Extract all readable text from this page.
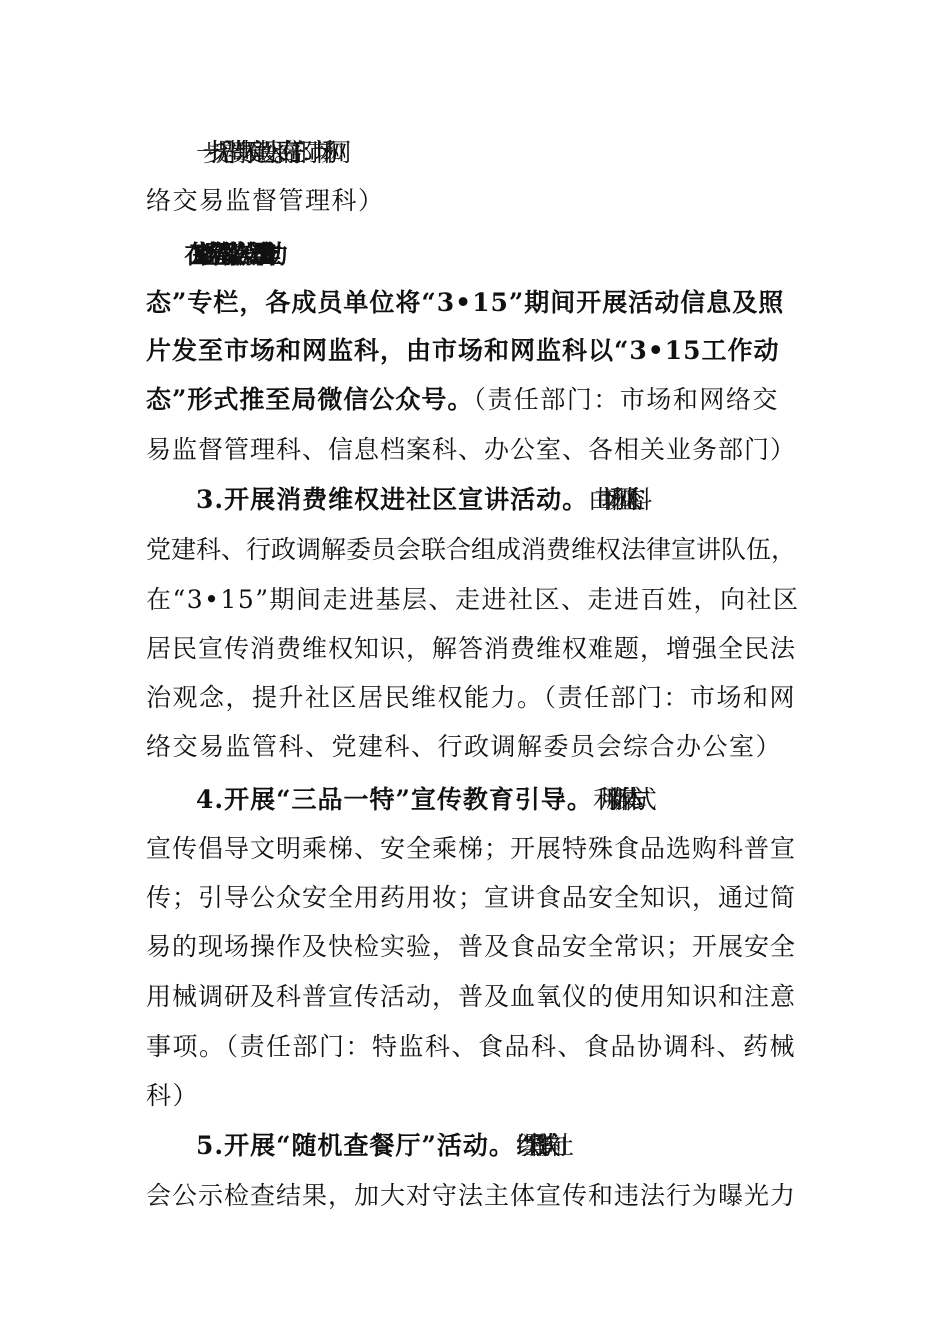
一步提升消费环境建设水平。（责任部门：市场和网
络交易监督管理科）
2.在XX市场监管局微信公众号设立“3•15工作动
态”专栏，各成员单位将“3•15”期间开展活动信息及照
片发至市场和网监科，由市场和网监科以“3•15工作动
态”形式推至局微信公众号。（责任部门：市场和网络交
易监督管理科、信息档案科、办公室、各相关业务部门）
3.开展消费维权进社区宣讲活动。由市场和网监科、
党建科、行政调解委员会联合组成消费维权法律宣讲队伍，
在“3•15”期间走进基层、走进社区、走进百姓，向社区
居民宣传消费维权知识，解答消费维权难题，增强全民法
治观念，提升社区居民维权能力。（责任部门：市场和网
络交易监管科、党建科、行政调解委员会综合办公室）
4.开展“三品一特”宣传教育引导。利用新媒体方式
宣传倡导文明乘梯、安全乘梯；开展特殊食品选购科普宣
传；引导公众安全用药用妆；宣讲食品安全知识，通过简
易的现场操作及快检实验，普及食品安全常识；开展安全
用械调研及科普宣传活动，普及血氧仪的使用知识和注意
事项。（责任部门：特监科、食品科、食品协调科、药械
科）
5.开展“随机查餐厅”活动。以“红黑榜”形式向社
会公示检查结果，加大对守法主体宣传和违法行为曝光力
